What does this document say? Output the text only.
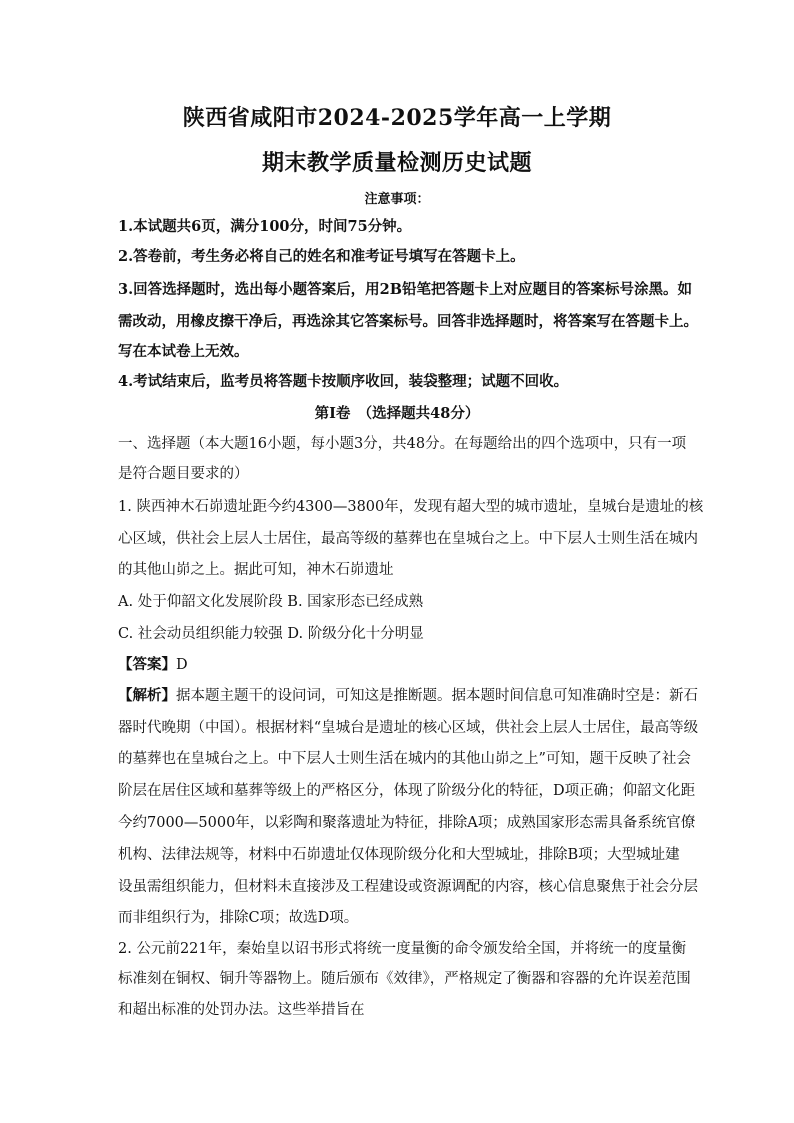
陕西省咸阳市2024-2025学年高一上学期
期末教学质量检测历史试题
注意事项：
1.本试题共6页，满分100分，时间75分钟。
2.答卷前，考生务必将自己的姓名和准考证号填写在答题卡上。
3.回答选择题时，选出每小题答案后，用2B铅笔把答题卡上对应题目的答案标号涂黑。如
需改动，用橡皮擦干净后，再选涂其它答案标号。回答非选择题时，将答案写在答题卡上。
写在本试卷上无效。
4.考试结束后，监考员将答题卡按顺序收回，装袋整理；试题不回收。
第Ⅰ卷　（选择题共48分）
一、选择题（本大题16小题，每小题3分，共48分。在每题给出的四个选项中，只有一项
是符合题目要求的）
1. 陕西神木石峁遗址距今约4300—3800年，发现有超大型的城市遗址，皇城台是遗址的核
心区域，供社会上层人士居住，最高等级的墓葬也在皇城台之上。中下层人士则生活在城内
的其他山峁之上。据此可知，神木石峁遗址
A. 处于仰韶文化发展阶段 B. 国家形态已经成熟
C. 社会动员组织能力较强 D. 阶级分化十分明显
【答案】D
【解析】据本题主题干的设问词，可知这是推断题。据本题时间信息可知准确时空是：新石
器时代晚期（中国）。根据材料“皇城台是遗址的核心区域，供社会上层人士居住，最高等级
的墓葬也在皇城台之上。中下层人士则生活在城内的其他山峁之上”可知，题干反映了社会
阶层在居住区域和墓葬等级上的严格区分，体现了阶级分化的特征，D项正确；仰韶文化距
今约7000—5000年，以彩陶和聚落遗址为特征，排除A项；成熟国家形态需具备系统官僚
机构、法律法规等，材料中石峁遗址仅体现阶级分化和大型城址，排除B项；大型城址建
设虽需组织能力，但材料未直接涉及工程建设或资源调配的内容，核心信息聚焦于社会分层
而非组织行为，排除C项；故选D项。
2. 公元前221年，秦始皇以诏书形式将统一度量衡的命令颁发给全国，并将统一的度量衡
标准刻在铜权、铜升等器物上。随后颁布《效律》，严格规定了衡器和容器的允许误差范围
和超出标准的处罚办法。这些举措旨在
